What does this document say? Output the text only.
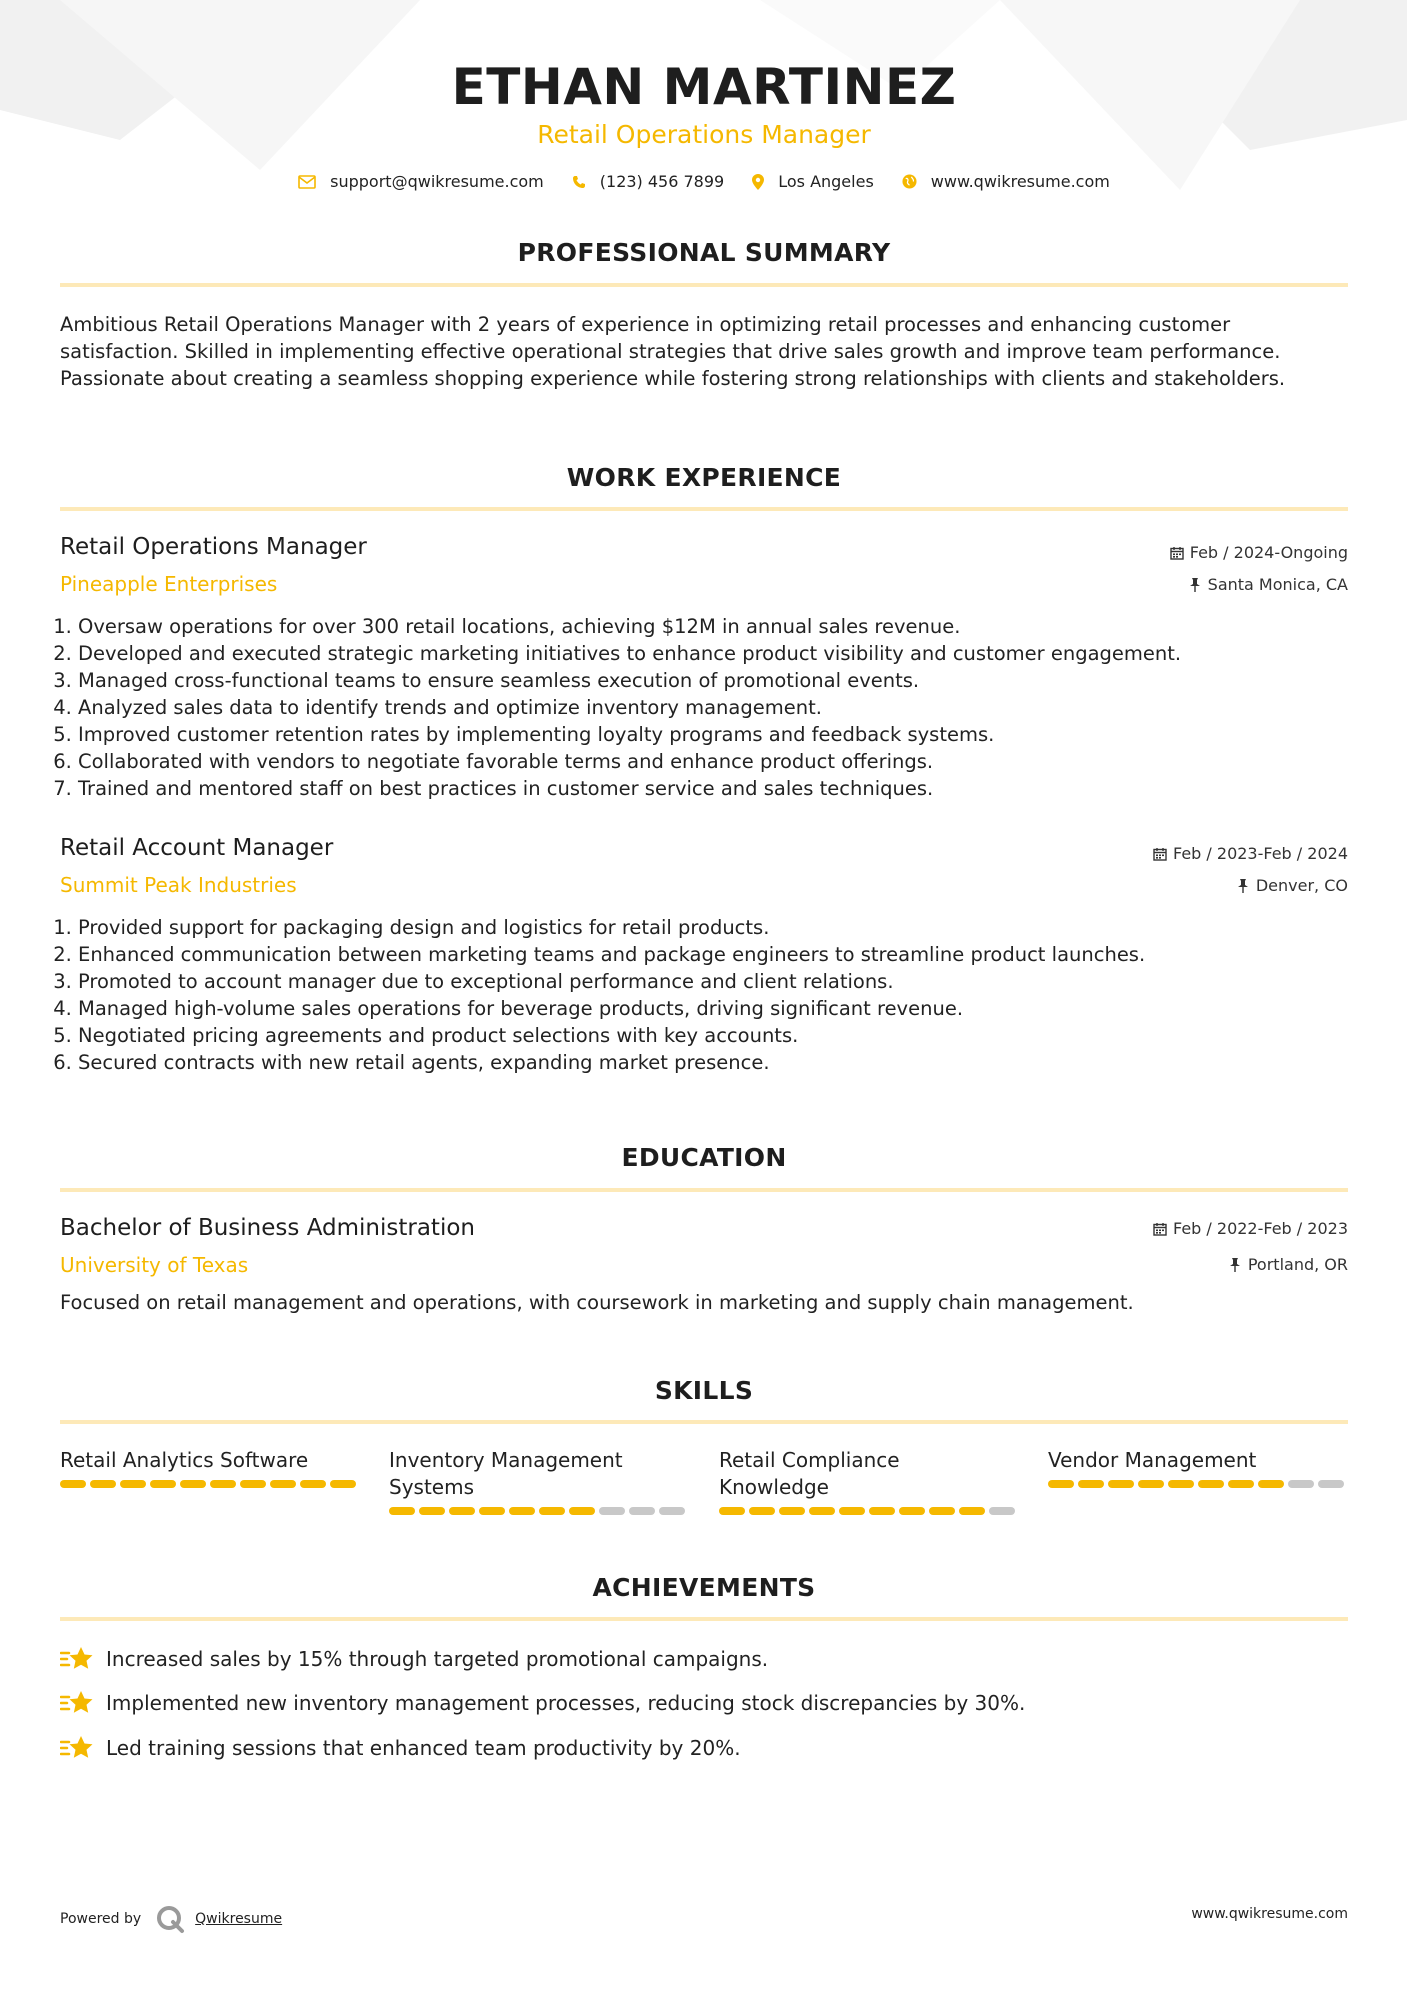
ETHAN MARTINEZ
Retail Operations Manager
support@qwikresume.com	(123) 456 7899	Los Angeles	www.qwikresume.com
PROFESSIONAL SUMMARY
Ambitious Retail Operations Manager with 2 years of experience in optimizing retail processes and enhancing customer satisfaction. Skilled in implementing effective operational strategies that drive sales growth and improve team performance. Passionate about creating a seamless shopping experience while fostering strong relationships with clients and stakeholders.
WORK EXPERIENCE
Retail Operations Manager	Feb / 2024-Ongoing
Pineapple Enterprises	Santa Monica, CA
1. Oversaw operations for over 300 retail locations, achieving $12M in annual sales revenue.
2. Developed and executed strategic marketing initiatives to enhance product visibility and customer engagement.
3. Managed cross-functional teams to ensure seamless execution of promotional events.
4. Analyzed sales data to identify trends and optimize inventory management.
5. Improved customer retention rates by implementing loyalty programs and feedback systems.
6. Collaborated with vendors to negotiate favorable terms and enhance product offerings.
7. Trained and mentored staff on best practices in customer service and sales techniques.
Retail Account Manager	Feb / 2023-Feb / 2024
Summit Peak Industries	Denver, CO
1. Provided support for packaging design and logistics for retail products.
2. Enhanced communication between marketing teams and package engineers to streamline product launches.
3. Promoted to account manager due to exceptional performance and client relations.
4. Managed high-volume sales operations for beverage products, driving significant revenue.
5. Negotiated pricing agreements and product selections with key accounts.
6. Secured contracts with new retail agents, expanding market presence.
EDUCATION
Bachelor of Business Administration	Feb / 2022-Feb / 2023
University of Texas	Portland, OR
Focused on retail management and operations, with coursework in marketing and supply chain management.
SKILLS
Retail Analytics Software	Inventory Management Systems
Retail Compliance Knowledge
Vendor Management
ACHIEVEMENTS
Increased sales by 15% through targeted promotional campaigns.
Implemented new inventory management processes, reducing stock discrepancies by 30%.
Led training sessions that enhanced team productivity by 20%.
Powered by	Qwikresume	www.qwikresume.com
